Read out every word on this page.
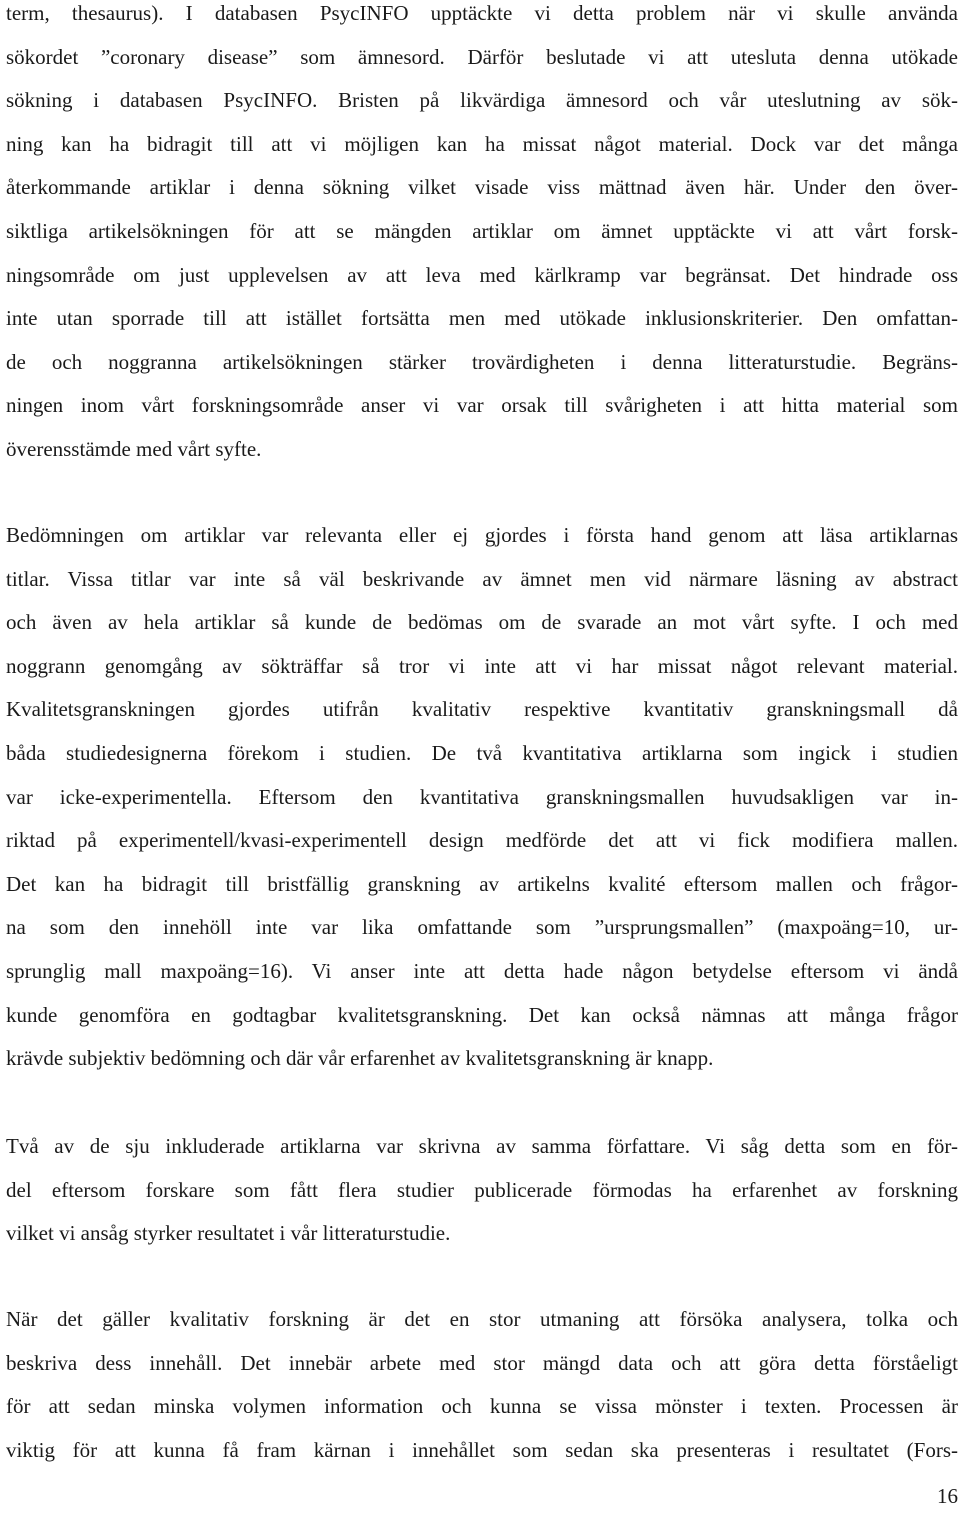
term, thesaurus). I databasen PsycINFO upptäckte vi detta problem när vi skulle använda
sökordet ”coronary disease” som ämnesord. Därför beslutade vi att utesluta denna utökade
sökning i databasen PsycINFO. Bristen på likvärdiga ämnesord och vår uteslutning av sök-
ning kan ha bidragit till att vi möjligen kan ha missat något material. Dock var det många
återkommande artiklar i denna sökning vilket visade viss mättnad även här. Under den över-
siktliga artikelsökningen för att se mängden artiklar om ämnet upptäckte vi att vårt forsk-
ningsområde om just upplevelsen av att leva med kärlkramp var begränsat. Det hindrade oss
inte utan sporrade till att istället fortsätta men med utökade inklusionskriterier. Den omfattan-
de och noggranna artikelsökningen stärker trovärdigheten i denna litteraturstudie. Begräns-
ningen inom vårt forskningsområde anser vi var orsak till svårigheten i att hitta material som
överensstämde med vårt syfte.
Bedömningen om artiklar var relevanta eller ej gjordes i första hand genom att läsa artiklarnas
titlar. Vissa titlar var inte så väl beskrivande av ämnet men vid närmare läsning av abstract
och även av hela artiklar så kunde de bedömas om de svarade an mot vårt syfte. I och med
noggrann genomgång av sökträffar så tror vi inte att vi har missat något relevant material.
Kvalitetsgranskningen gjordes utifrån kvalitativ respektive kvantitativ granskningsmall då
båda studiedesignerna förekom i studien. De två kvantitativa artiklarna som ingick i studien
var icke-experimentella. Eftersom den kvantitativa granskningsmallen huvudsakligen var in-
riktad på experimentell/kvasi-experimentell design medförde det att vi fick modifiera mallen.
Det kan ha bidragit till bristfällig granskning av artikelns kvalité eftersom mallen och frågor-
na som den innehöll inte var lika omfattande som ”ursprungsmallen” (maxpoäng=10, ur-
sprunglig mall maxpoäng=16). Vi anser inte att detta hade någon betydelse eftersom vi ändå
kunde genomföra en godtagbar kvalitetsgranskning. Det kan också nämnas att många frågor
krävde subjektiv bedömning och där vår erfarenhet av kvalitetsgranskning är knapp.
Två av de sju inkluderade artiklarna var skrivna av samma författare. Vi såg detta som en för-
del eftersom forskare som fått flera studier publicerade förmodas ha erfarenhet av forskning
vilket vi ansåg styrker resultatet i vår litteraturstudie.
När det gäller kvalitativ forskning är det en stor utmaning att försöka analysera, tolka och
beskriva dess innehåll. Det innebär arbete med stor mängd data och att göra detta förståeligt
för att sedan minska volymen information och kunna se vissa mönster i texten. Processen är
viktig för att kunna få fram kärnan i innehållet som sedan ska presenteras i resultatet (Fors-
16
